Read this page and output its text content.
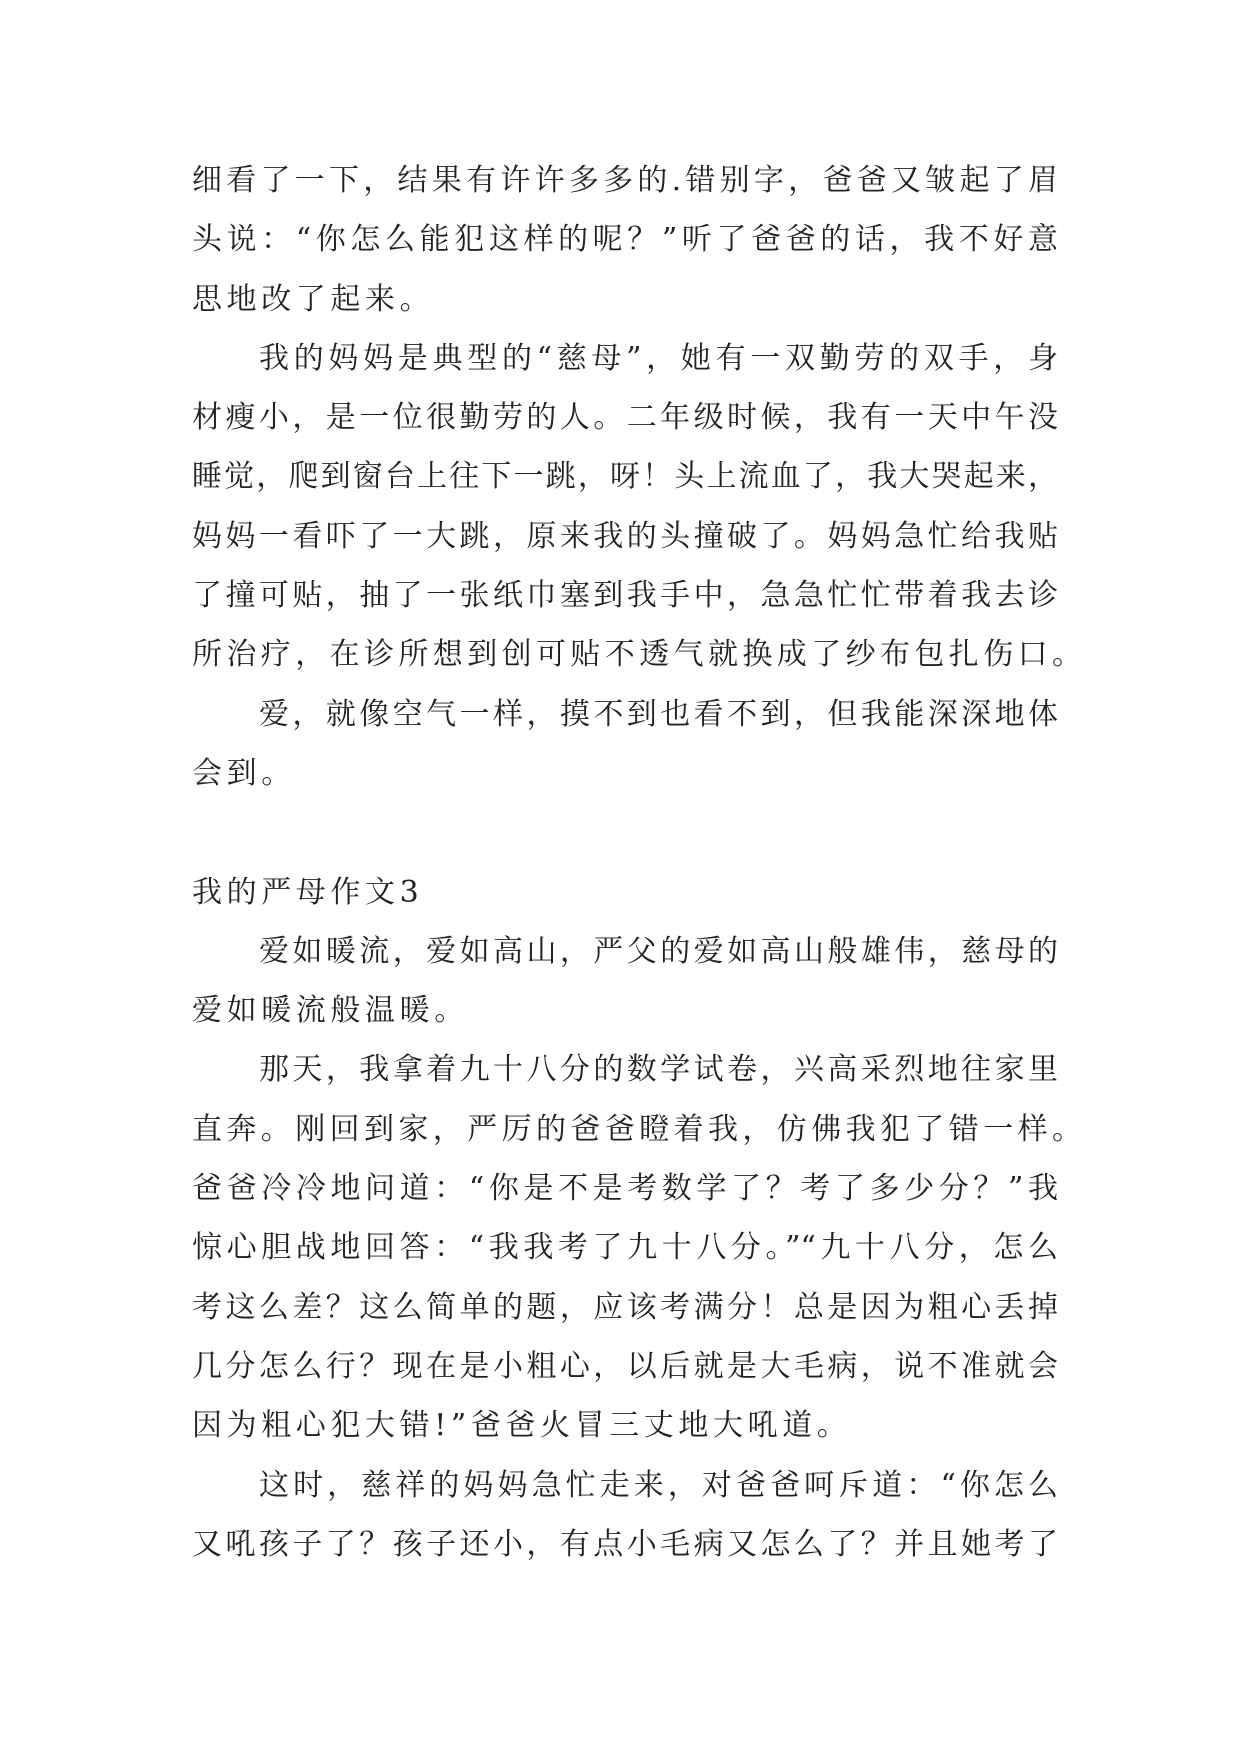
细看了一下，结果有许许多多的.错别字，爸爸又皱起了眉
头说：“你怎么能犯这样的呢？”听了爸爸的话，我不好意
思地改了起来。
我的妈妈是典型的“慈母”，她有一双勤劳的双手，身
材瘦小，是一位很勤劳的人。二年级时候，我有一天中午没
睡觉，爬到窗台上往下一跳，呀！头上流血了，我大哭起来，
妈妈一看吓了一大跳，原来我的头撞破了。妈妈急忙给我贴
了撞可贴，抽了一张纸巾塞到我手中，急急忙忙带着我去诊
所治疗，在诊所想到创可贴不透气就换成了纱布包扎伤口。
爱，就像空气一样，摸不到也看不到，但我能深深地体
会到。
我的严母作文3
爱如暖流，爱如高山，严父的爱如高山般雄伟，慈母的
爱如暖流般温暖。
那天，我拿着九十八分的数学试卷，兴高采烈地往家里
直奔。刚回到家，严厉的爸爸瞪着我，仿佛我犯了错一样。
爸爸冷冷地问道：“你是不是考数学了？考了多少分？”我
惊心胆战地回答：“我我考了九十八分。”“九十八分，怎么
考这么差？这么简单的题，应该考满分！总是因为粗心丢掉
几分怎么行？现在是小粗心，以后就是大毛病，说不准就会
因为粗心犯大错!”爸爸火冒三丈地大吼道。
这时，慈祥的妈妈急忙走来，对爸爸呵斥道：“你怎么
又吼孩子了？孩子还小，有点小毛病又怎么了？并且她考了
